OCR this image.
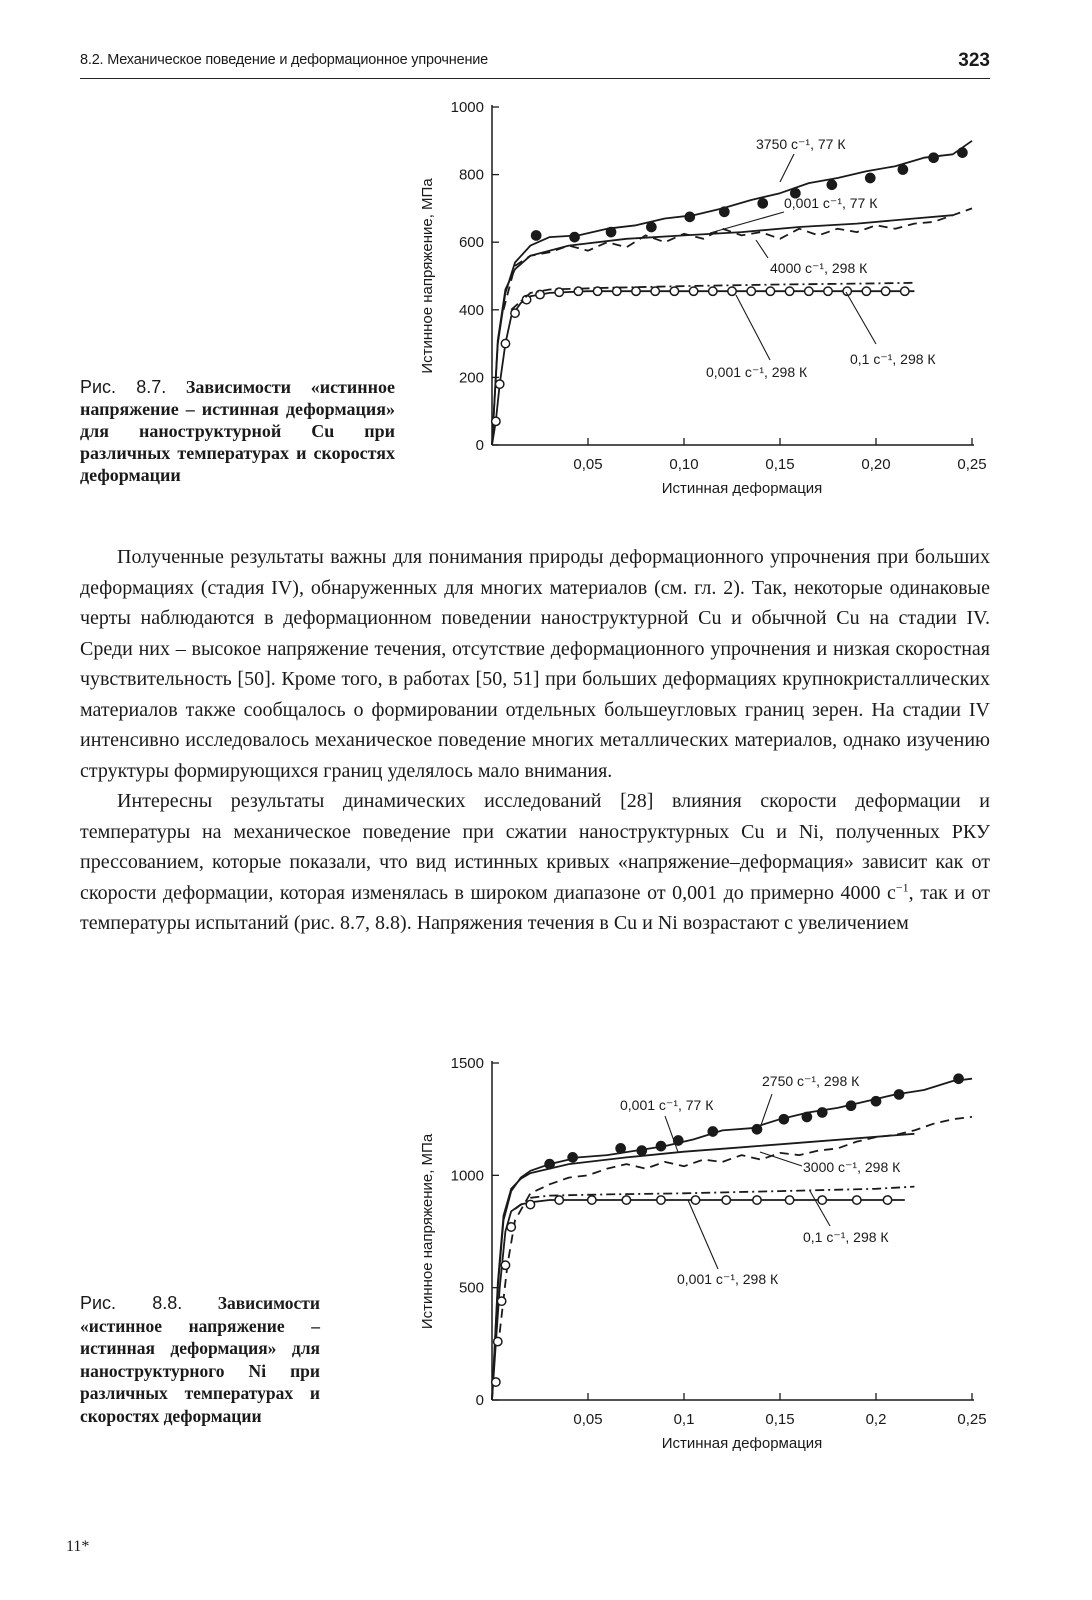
8.2. Механическое поведение и деформационное упрочнение	323
0
200
400
600
800
1000
0,05	0,10	0,15	0,20	0,25
Истинная деформация
Истинное напряжение, МПа
3750 с⁻¹, 77 К
0,001 с⁻¹, 77 К
4000 с⁻¹, 298 К
0,001 с⁻¹, 298 К
0,1 с⁻¹, 298 К
Рис. 8.7. Зависимости «истинное напряжение – истинная деформация» для наноструктурной Cu при различных температурах и скоростях деформации

Полученные результаты важны для понимания природы деформационного упрочнения при больших деформациях (стадия IV), обнаруженных для многих материалов (см. гл. 2). Так, некоторые одинаковые черты наблюдаются в деформационном поведении наноструктурной Cu и обычной Cu на стадии IV. Среди них – высокое напряжение течения, отсутствие деформационного упрочнения и низкая скоростная чувствительность [50]. Кроме того, в работах [50, 51] при больших деформациях крупнокристаллических материалов также сообщалось о формировании отдельных большеугловых границ зерен. На стадии IV интенсивно исследовалось механическое поведение многих металлических материалов, однако изучению структуры формирующихся границ уделялось мало внимания.

Интересны результаты динамических исследований [28] влияния скорости деформации и температуры на механическое поведение при сжатии наноструктурных Cu и Ni, полученных РКУ прессованием, которые показали, что вид истинных кривых «напряжение–деформация» зависит как от скорости деформации, которая изменялась в широком диапазоне от 0,001 до примерно 4000 $с^{-1}$, так и от температуры испытаний (рис. 8.7, 8.8). Напряжения течения в Cu и Ni возрастают с увеличением

0
500
1000
1500
0,05	0,1	0,15	0,2	0,25
Истинная деформация
Истинное напряжение, МПа
2750 с⁻¹, 298 К
0,001 с⁻¹, 77 К
3000 с⁻¹, 298 К
0,1 с⁻¹, 298 К
0,001 с⁻¹, 298 К
Рис. 8.8. Зависимости «истинное напряжение – истинная деформация» для наноструктурного Ni при различных температурах и скоростях деформации
11*
